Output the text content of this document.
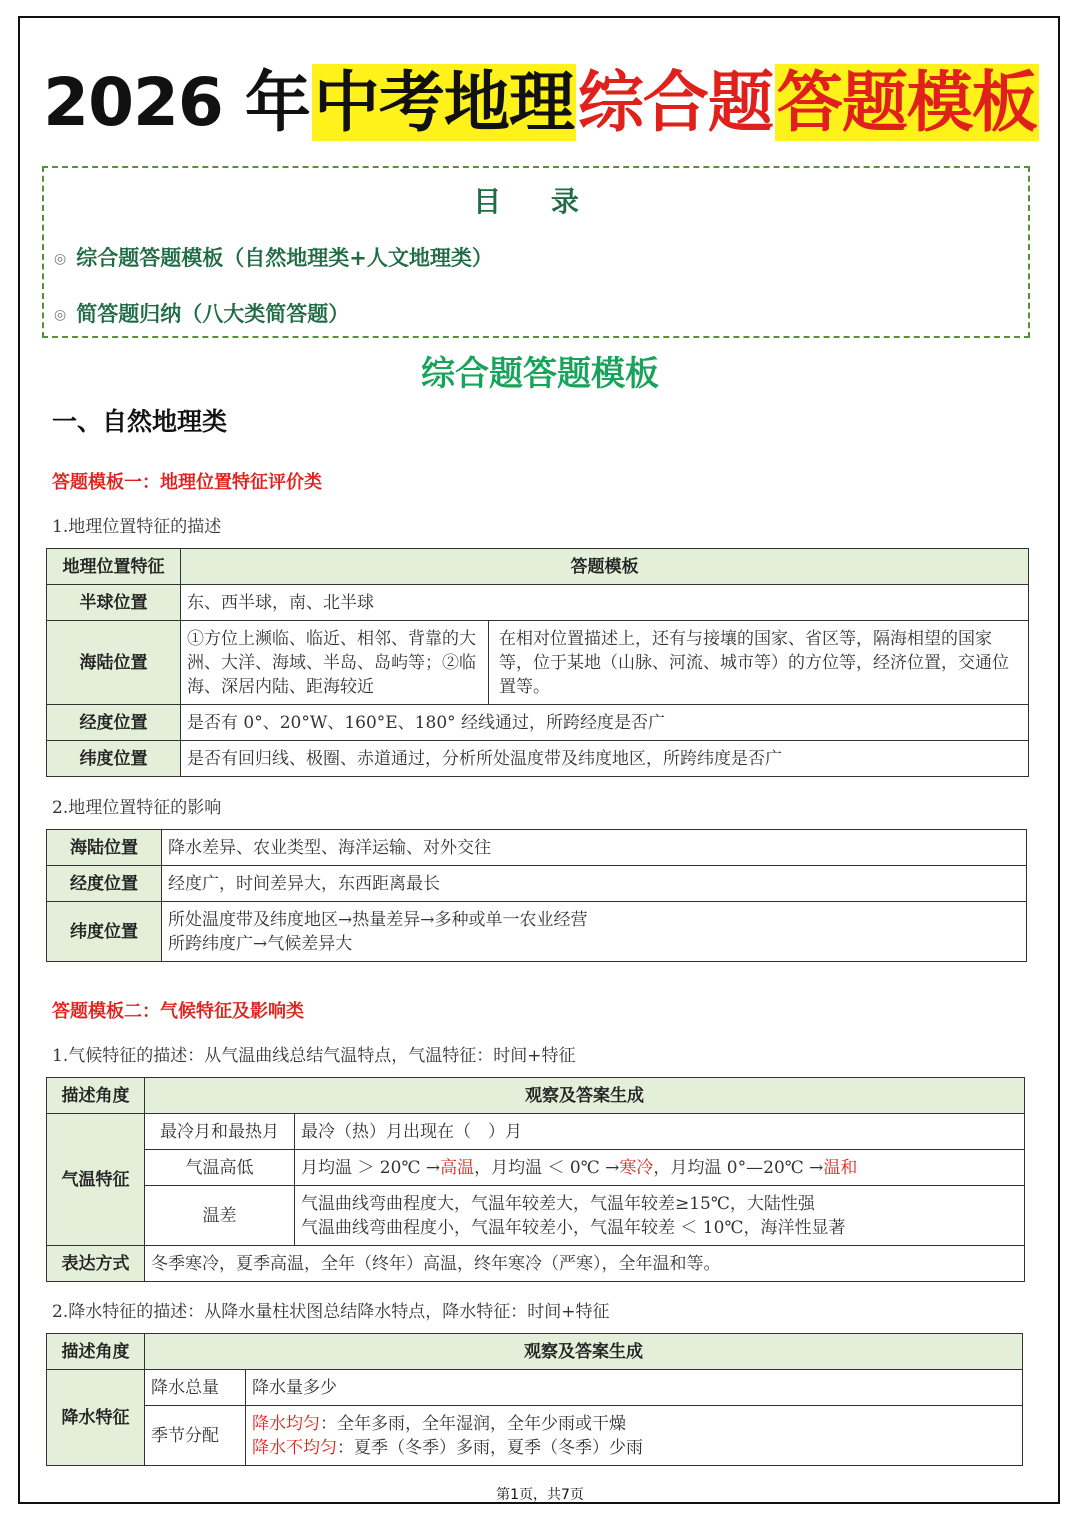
2026 年中考地理综合题答题模板
目 录
◎ 综合题答题模板（自然地理类+人文地理类）
◎ 简答题归纳（八大类简答题）
综合题答题模板
一、自然地理类
答题模板一：地理位置特征评价类
1.地理位置特征的描述
地理位置特征	答题模板	
半球位置	东、西半球，南、北半球	
海陆位置	①方位上濒临、临近、相邻、背靠的大洲、大洋、海域、半岛、岛屿等；②临海、深居内陆、距海较近	在相对位置描述上，还有与接壤的国家、省区等，隔海相望的国家等，位于某地（山脉、河流、城市等）的方位等，经济位置，交通位置等。
经度位置	是否有 0°、20°W、160°E、180° 经线通过，所跨经度是否广	
纬度位置	是否有回归线、极圈、赤道通过，分析所处温度带及纬度地区，所跨纬度是否广	
2.地理位置特征的影响
海陆位置	降水差异、农业类型、海洋运输、对外交往
经度位置	经度广，时间差异大，东西距离最长
纬度位置	所处温度带及纬度地区→热量差异→多种或单一农业经营
所跨纬度广→气候差异大
答题模板二：气候特征及影响类
1.气候特征的描述：从气温曲线总结气温特点，气温特征：时间+特征
描述角度	观察及答案生成	
气温特征	最冷月和最热月	最冷（热）月出现在（　）月
	气温高低	月均温 ＞ 20℃ →高温，月均温 ＜ 0℃ →寒冷，月均温 0°—20℃ →温和
	温差	气温曲线弯曲程度大，气温年较差大，气温年较差≥15℃，大陆性强
气温曲线弯曲程度小，气温年较差小，气温年较差 ＜ 10℃，海洋性显著

表达方式	冬季寒冷，夏季高温，全年（终年）高温，终年寒冷（严寒），全年温和等。	
2.降水特征的描述：从降水量柱状图总结降水特点，降水特征：时间+特征
描述角度	观察及答案生成	
降水特征	降水总量	降水量多少
	季节分配	降水均匀：全年多雨，全年湿润，全年少雨或干燥
降水不均匀：夏季（冬季）多雨，夏季（冬季）少雨
第1页，共7页
